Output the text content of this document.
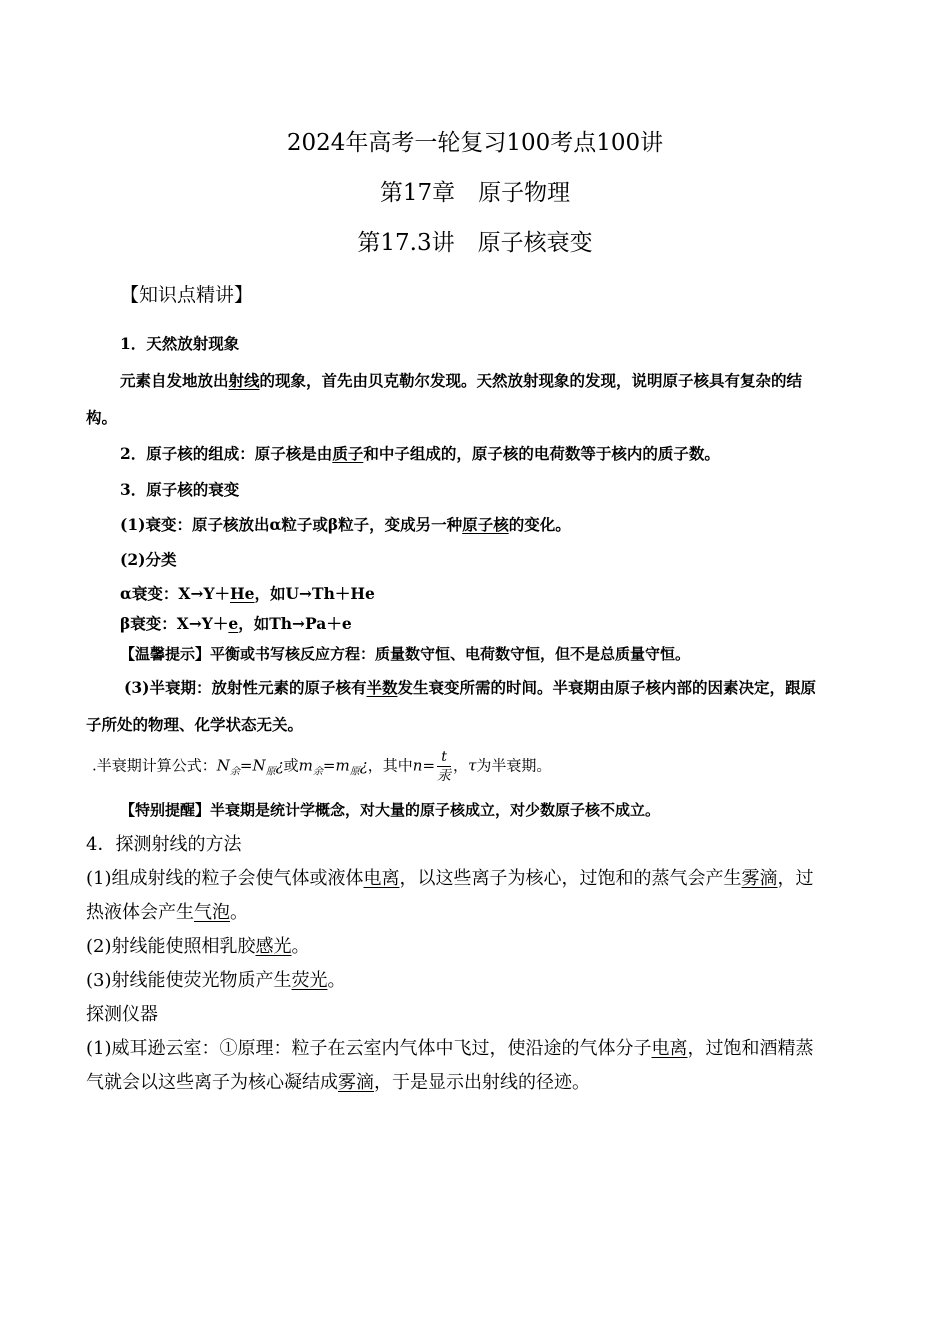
2024年高考一轮复习100考点100讲
第17章　原子物理
第17.3讲　原子核衰变
【知识点精讲】
1．天然放射现象
元素自发地放出射线的现象，首先由贝克勒尔发现。天然放射现象的发现，说明原子核具有复杂的结
构。
2．原子核的组成：原子核是由质子和中子组成的，原子核的电荷数等于核内的质子数。
3．原子核的衰变
(1)衰变：原子核放出α粒子或β粒子，变成另一种原子核的变化。
(2)分类
α衰变：X→Y＋He，如U→Th＋He
β衰变：X→Y＋e，如Th→Pa＋e
【温馨提示】平衡或书写核反应方程：质量数守恒、电荷数守恒，但不是总质量守恒。
(3)半衰期：放射性元素的原子核有半数发生衰变所需的时间。半衰期由原子核内部的因素决定，跟原
子所处的物理、化学状态无关。
.半衰期计算公式：$N_余=N_原¿$或$m_余=m_原¿$，其中$n= \frac{t}{\text{汞}}$ ，τ为半衰期。
【特别提醒】半衰期是统计学概念，对大量的原子核成立，对少数原子核不成立。
4．探测射线的方法
(1)组成射线的粒子会使气体或液体电离，以这些离子为核心，过饱和的蒸气会产生雾滴，过
热液体会产生气泡。
(2)射线能使照相乳胶感光。
(3)射线能使荧光物质产生荧光。
探测仪器
(1)威耳逊云室：①原理：粒子在云室内气体中飞过，使沿途的气体分子电离，过饱和酒精蒸
气就会以这些离子为核心凝结成雾滴，于是显示出射线的径迹。
